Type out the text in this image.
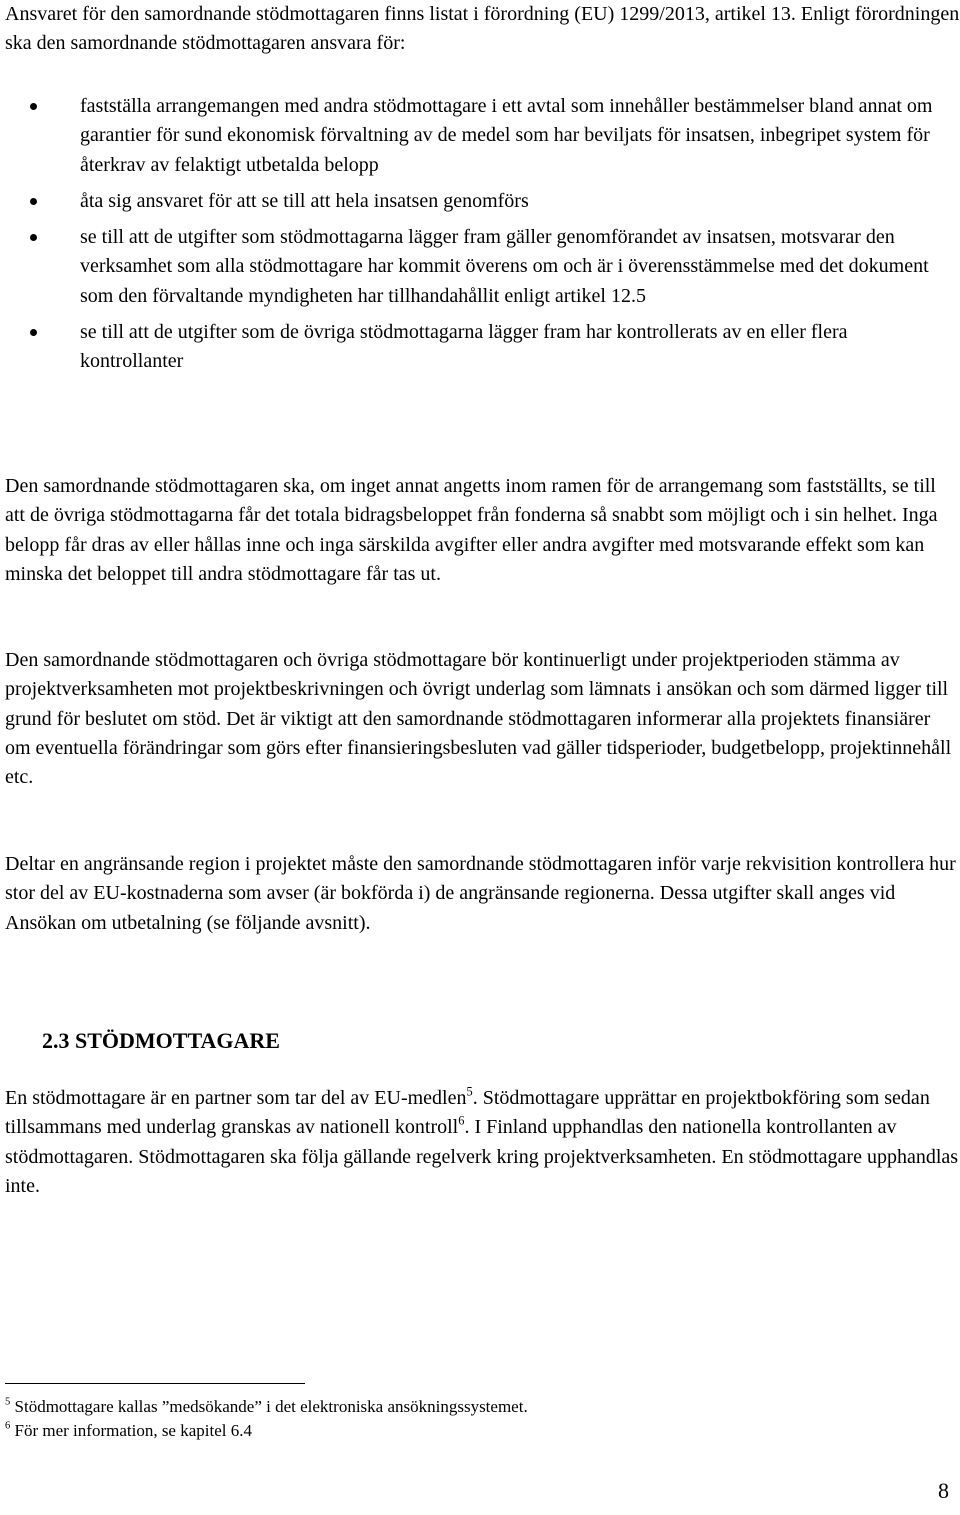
Ansvaret för den samordnande stödmottagaren finns listat i förordning (EU) 1299/2013, artikel 13. Enligt förordningen ska den samordnande stödmottagaren ansvara för:

fastställa arrangemangen med andra stödmottagare i ett avtal som innehåller bestämmelser bland annat om garantier för sund ekonomisk förvaltning av de medel som har beviljats för insatsen, inbegripet system för återkrav av felaktigt utbetalda belopp
åta sig ansvaret för att se till att hela insatsen genomförs
se till att de utgifter som stödmottagarna lägger fram gäller genomförandet av insatsen, motsvarar den verksamhet som alla stödmottagare har kommit överens om och är i överensstämmelse med det dokument som den förvaltande myndigheten har tillhandahållit enligt artikel 12.5
se till att de utgifter som de övriga stödmottagarna lägger fram har kontrollerats av en eller flera kontrollanter

Den samordnande stödmottagaren ska, om inget annat angetts inom ramen för de arrangemang som fastställts, se till att de övriga stödmottagarna får det totala bidragsbeloppet från fonderna så snabbt som möjligt och i sin helhet. Inga belopp får dras av eller hållas inne och inga särskilda avgifter eller andra avgifter med motsvarande effekt som kan minska det beloppet till andra stödmottagare får tas ut.

Den samordnande stödmottagaren och övriga stödmottagare bör kontinuerligt under projektperioden stämma av projektverksamheten mot projektbeskrivningen och övrigt underlag som lämnats i ansökan och som därmed ligger till grund för beslutet om stöd. Det är viktigt att den samordnande stödmottagaren informerar alla projektets finansiärer om eventuella förändringar som görs efter finansieringsbesluten vad gäller tidsperioder, budgetbelopp, projektinnehåll etc.

Deltar en angränsande region i projektet måste den samordnande stödmottagaren inför varje rekvisition kontrollera hur stor del av EU-kostnaderna som avser (är bokförda i) de angränsande regionerna. Dessa utgifter skall anges vid Ansökan om utbetalning (se följande avsnitt).

2.3 STÖDMOTTAGARE

En stödmottagare är en partner som tar del av EU-medlen$^5$. Stödmottagare upprättar en projektbokföring som sedan tillsammans med underlag granskas av nationell kontroll$^6$. I Finland upphandlas den nationella kontrollanten av stödmottagaren. Stödmottagaren ska följa gällande regelverk kring projektverksamheten. En stödmottagare upphandlas inte.

$^5$ Stödmottagare kallas ”medsökande” i det elektroniska ansökningssystemet.

$^6$ För mer information, se kapitel 6.4

8
